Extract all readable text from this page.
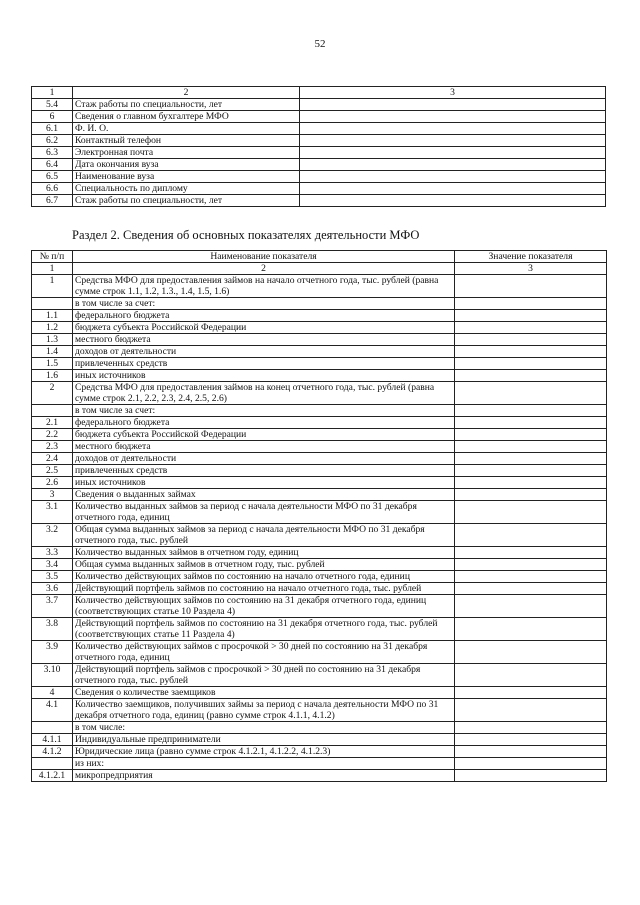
52
1	2	3
5.4	Стаж работы по специальности, лет	
6	Сведения о главном бухгалтере МФО	
6.1	Ф. И. О.	
6.2	Контактный телефон	
6.3	Электронная почта	
6.4	Дата окончания вуза	
6.5	Наименование вуза	
6.6	Специальность по диплому	
6.7	Стаж работы по специальности, лет	
Раздел 2. Сведения об основных показателях деятельности МФО
№ п/п	Наименование показателя	Значение показателя
1	2	3
1	Средства МФО для предоставления займов на начало отчетного года, тыс. рублей (равна сумме строк 1.1, 1.2, 1.3., 1.4, 1.5, 1.6)	
	в том числе за счет:	
1.1	федерального бюджета	
1.2	бюджета субъекта Российской Федерации	
1.3	местного бюджета	
1.4	доходов от деятельности	
1.5	привлеченных средств	
1.6	иных источников	
2	Средства МФО для предоставления займов на конец отчетного года, тыс. рублей (равна сумме строк 2.1, 2.2, 2.3, 2.4, 2.5, 2.6)	
	в том числе за счет:	
2.1	федерального бюджета	
2.2	бюджета субъекта Российской Федерации	
2.3	местного бюджета	
2.4	доходов от деятельности	
2.5	привлеченных средств	
2.6	иных источников	
3	Сведения о выданных займах	
3.1	Количество выданных займов за период с начала деятельности МФО по 31 декабря отчетного года, единиц	
3.2	Общая сумма выданных займов за период с начала деятельности МФО по 31 декабря отчетного года, тыс. рублей	
3.3	Количество выданных займов в отчетном году, единиц	
3.4	Общая сумма выданных займов в отчетном году, тыс. рублей	
3.5	Количество действующих займов по состоянию на начало отчетного года, единиц	
3.6	Действующий портфель займов по состоянию на начало отчетного года, тыс. рублей	
3.7	Количество действующих займов по состоянию на 31 декабря отчетного года, единиц (соответствующих статье 10 Раздела 4)	
3.8	Действующий портфель займов по состоянию на 31 декабря отчетного года, тыс. рублей (соответствующих статье 11 Раздела 4)	
3.9	Количество действующих займов с просрочкой > 30 дней по состоянию на 31 декабря отчетного года, единиц	
3.10	Действующий портфель займов с просрочкой > 30 дней по состоянию на 31 декабря отчетного года, тыс. рублей	
4	Сведения о количестве заемщиков	
4.1	Количество заемщиков, получивших займы за период с начала деятельности МФО по 31 декабря отчетного года, единиц (равно сумме строк 4.1.1, 4.1.2)	
	в том числе:	
4.1.1	Индивидуальные предприниматели	
4.1.2	Юридические лица (равно сумме строк 4.1.2.1, 4.1.2.2, 4.1.2.3)	
	из них:	
4.1.2.1	микропредприятия	
